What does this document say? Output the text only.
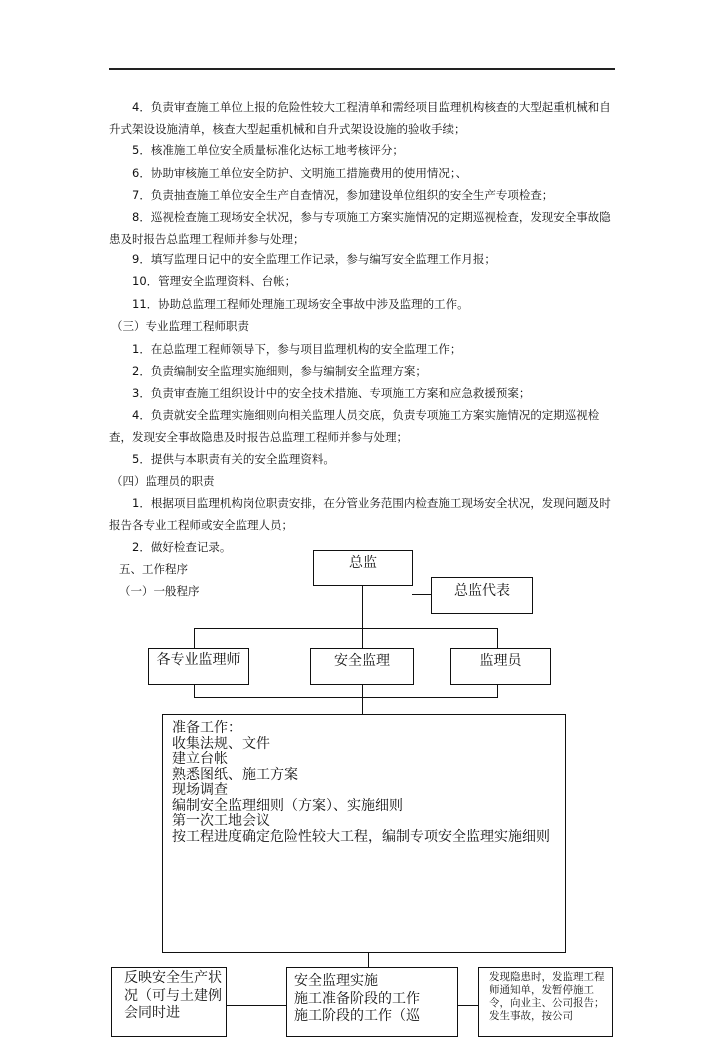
4．负责审查施工单位上报的危险性较大工程清单和需经项目监理机构核查的大型起重机械和自升式架设设施清单，核查大型起重机械和自升式架设设施的验收手续；
5．核准施工单位安全质量标准化达标工地考核评分；
6．协助审核施工单位安全防护、文明施工措施费用的使用情况；、
7．负责抽查施工单位安全生产自查情况，参加建设单位组织的安全生产专项检查；
8．巡视检查施工现场安全状况，参与专项施工方案实施情况的定期巡视检查，发现安全事故隐患及时报告总监理工程师并参与处理；
9．填写监理日记中的安全监理工作记录，参与编写安全监理工作月报；
10．管理安全监理资料、台帐；
11．协助总监理工程师处理施工现场安全事故中涉及监理的工作。
（三）专业监理工程师职责
1．在总监理工程师领导下，参与项目监理机构的安全监理工作；
2．负责编制安全监理实施细则，参与编制安全监理方案；
3．负责审查施工组织设计中的安全技术措施、专项施工方案和应急救援预案；
4．负责就安全监理实施细则向相关监理人员交底，负责专项施工方案实施情况的定期巡视检查，发现安全事故隐患及时报告总监理工程师并参与处理；
5．提供与本职责有关的安全监理资料。
（四）监理员的职责
1．根据项目监理机构岗位职责安排，在分管业务范围内检查施工现场安全状况，发现问题及时报告各专业工程师或安全监理人员；
2．做好检查记录。
五、工作程序
（一）一般程序
总监
总监代表
各专业监理师	安全监理	监理员
准备工作：
收集法规、文件
建立台帐
熟悉图纸、施工方案
现场调查
编制安全监理细则（方案）、实施细则
第一次工地会议
按工程进度确定危险性较大工程，编制专项安全监理实施细则
反映安全生产状况（可与土建例会同时进
安全监理实施
施工准备阶段的工作
施工阶段的工作（巡
发现隐患时，发监理工程师通知单，发暂停施工令，向业主、公司报告；发生事故，按公司
